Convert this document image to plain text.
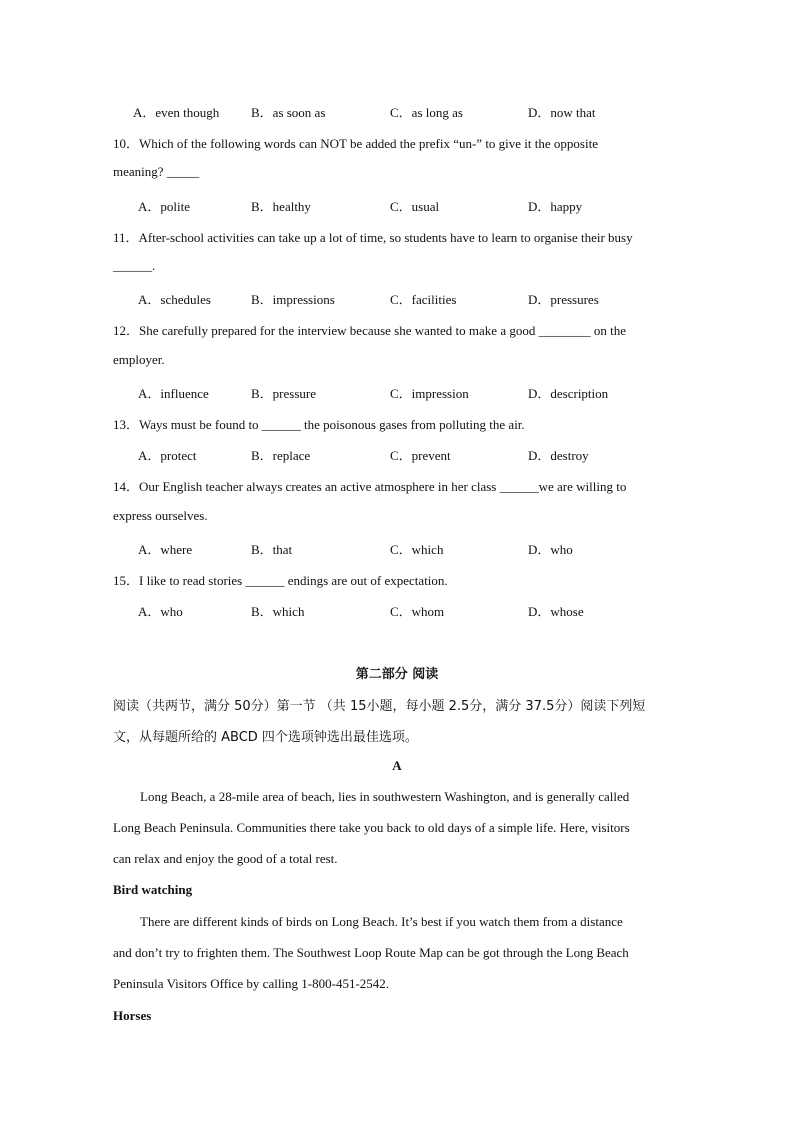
A．even though B．as soon as	C．as long as	D．now that
10．Which of the following words can NOT be added the prefix “un-” to give it the opposite
meaning? _____
A．polite	B．healthy	C．usual	D．happy
11．After-school activities can take up a lot of time, so students have to learn to organise their busy
______.
A．schedules	B．impressions	C．facilities	D．pressures
12．She carefully prepared for the interview because she wanted to make a good ________ on the
employer.
A．influence	B．pressure	C．impression	D．description
13．Ways must be found to ______ the poisonous gases from polluting the air.
A．protect	B．replace	C．prevent	D．destroy
14．Our English teacher always creates an active atmosphere in her class ______we are willing to
express ourselves.
A．where	B．that	C．which	D．who
15．I like to read stories ______ endings are out of expectation.
A．who	B．which	C．whom	D．whose
第二部分 阅读
阅读（共两节，满分 50分）第一节 （共 15小题，每小题 2.5分，满分 37.5分）阅读下列短
文，从每题所给的 ABCD 四个选项钟选出最佳选项。
A
Long Beach, a 28-mile area of beach, lies in southwestern Washington, and is generally called
Long Beach Peninsula. Communities there take you back to old days of a simple life. Here, visitors
can relax and enjoy the good of a total rest.
Bird watching
There are different kinds of birds on Long Beach. It’s best if you watch them from a distance
and don’t try to frighten them. The Southwest Loop Route Map can be got through the Long Beach
Peninsula Visitors Office by calling 1-800-451-2542.
Horses
